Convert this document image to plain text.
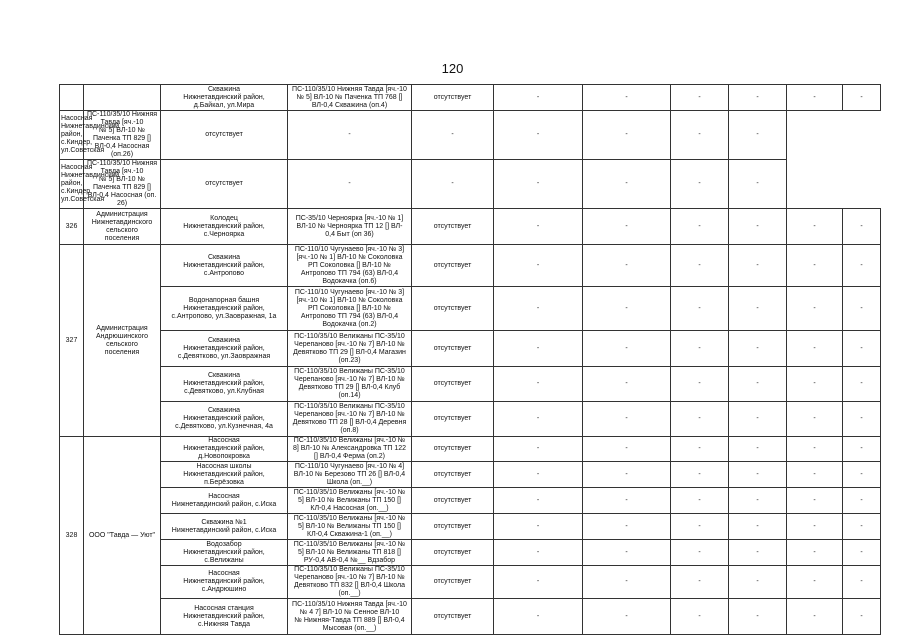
120
		Скважина
Нижнетавдинский район,
д.Байкал, ул.Мира	ПС-110/35/10 Нижняя Тавда [яч.-10
№ 5] ВЛ-10 № Паченка ТП 768 []
ВЛ-0,4 Скважина (оп.4)	отсутствует	-	-	-	-	-	-
Насосная
Нижнетавдинский район,
с.Киндер, ул.Советская	ПС-110/35/10 Нижняя Тавда [яч.-10
№ 5] ВЛ-10 № Паченка ТП 829 []
ВЛ-0,4 Насосная (оп.26)	отсутствует	-	-	-	-	-	-		
Насосная
Нижнетавдинский район,
с.Киндер, ул.Советская	ПС-110/35/10 Нижняя Тавда [яч.-10
№ 5] ВЛ-10 № Паченка ТП 829 []
ВЛ-0,4 Насосная (оп. 26)	отсутствует	-	-	-	-	-	-		
326	Администрация
Нижнетавдинского
сельского
поселения	Колодец
Нижнетавдинский район,
с.Черноярка	ПС-35/10 Черноярка [яч.-10 № 1]
ВЛ-10 № Черноярка ТП 12 [] ВЛ-
0,4 Быт (оп 36)	отсутствует	-	-	-	-	-	-
327	Администрация
Андрюшинского
сельского
поселения	Скважина
Нижнетавдинский район,
с.Антропово	ПС-110/10 Чугунаево [яч.-10 № 3]
[яч.-10 № 1] ВЛ-10 № Соколовка
РП Соколовка [] ВЛ-10 №
Антропово ТП 794 (63) ВЛ-0,4
Водокачка (оп.6)	отсутствует	-	-	-	-	-	-
		Водонапорная башня
Нижнетавдинский район,
с.Антропово, ул.Заовражная, 1а	ПС-110/10 Чугунаево [яч.-10 № 3]
[яч.-10 № 1] ВЛ-10 № Соколовка
РП Соколовка [] ВЛ-10 №
Антропово ТП 794 (63) ВЛ-0,4
Водокачка (оп.2)	отсутствует	-	-	-	-	-	-
		Скважина
Нижнетавдинский район,
с.Девятково, ул.Заовражная	ПС-110/35/10 Велижаны ПС-35/10
Черепаново [яч.-10 № 7] ВЛ-10 №
Девятково ТП 29 [] ВЛ-0,4 Магазин
(оп.23)	отсутствует	-	-	-	-	-	-
		Скважина
Нижнетавдинский район,
с.Девятково, ул.Клубная	ПС-110/35/10 Велижаны ПС-35/10
Черепаново [яч.-10 № 7] ВЛ-10 №
Девятково ТП 29 [] ВЛ-0,4 Клуб
(оп.14)	отсутствует	-	-	-	-	-	-
		Скважина
Нижнетавдинский район,
с.Девятково, ул.Кузнечная, 4а	ПС-110/35/10 Велижаны ПС-35/10
Черепаново [яч.-10 № 7] ВЛ-10 №
Девятково ТП 28 [] ВЛ-0,4 Деревня
(оп.8)	отсутствует	-	-	-	-	-	-
328	ООО "Тавда — Уют"	Насосная
Нижнетавдинский район,
д.Новопокровка	ПС-110/35/10 Велижаны [яч.-10 №
8] ВЛ-10 № Александровка ТП 122
[] ВЛ-0,4 Ферма (оп.2)	отсутствует	-	-	-	-	-	-
		Насосная школы
Нижнетавдинский район,
п.Берёзовка	ПС-110/10 Чугунаево [яч.-10 № 4]
ВЛ-10 № Березово ТП 26 [] ВЛ-0,4
Школа (оп.__)	отсутствует	-	-	-	-	-	-
		Насосная
Нижнетавдинский район, с.Иска	ПС-110/35/10 Велижаны [яч.-10 №
5] ВЛ-10 № Велижаны ТП 150 []
КЛ-0,4 Насосная (оп.__)	отсутствует	-	-	-	-	-	-
		Скважина №1
Нижнетавдинский район, с.Иска	ПС-110/35/10 Велижаны [яч.-10 №
5] ВЛ-10 № Велижаны ТП 150 []
КЛ-0,4 Скважина-1 (оп.__)	отсутствует	-	-	-	-	-	-
		Водозабор
Нижнетавдинский район,
с.Велижаны	ПС-110/35/10 Велижаны [яч.-10 №
5] ВЛ-10 № Велижаны ТП 818 []
РУ-0,4 АВ-0,4 №__ Вдзабор	отсутствует	-	-	-	-	-	-
		Насосная
Нижнетавдинский район,
с.Андрюшино	ПС-110/35/10 Велижаны ПС-35/10
Черепаново [яч.-10 № 7] ВЛ-10 №
Девятково ТП 832 [] ВЛ-0,4 Школа
(оп.__)	отсутствует	-	-	-	-	-	-
		Насосная станция
Нижнетавдинский район,
с.Нижняя Тавда	ПС-110/35/10 Нижняя Тавда [яч.-10
№ 4 7] ВЛ-10 № Сенное ВЛ-10
№ Нижняя-Тавда ТП 889 [] ВЛ-0,4
Мысовая (оп.__)	отсутствует	-	-	-	-	-	-
